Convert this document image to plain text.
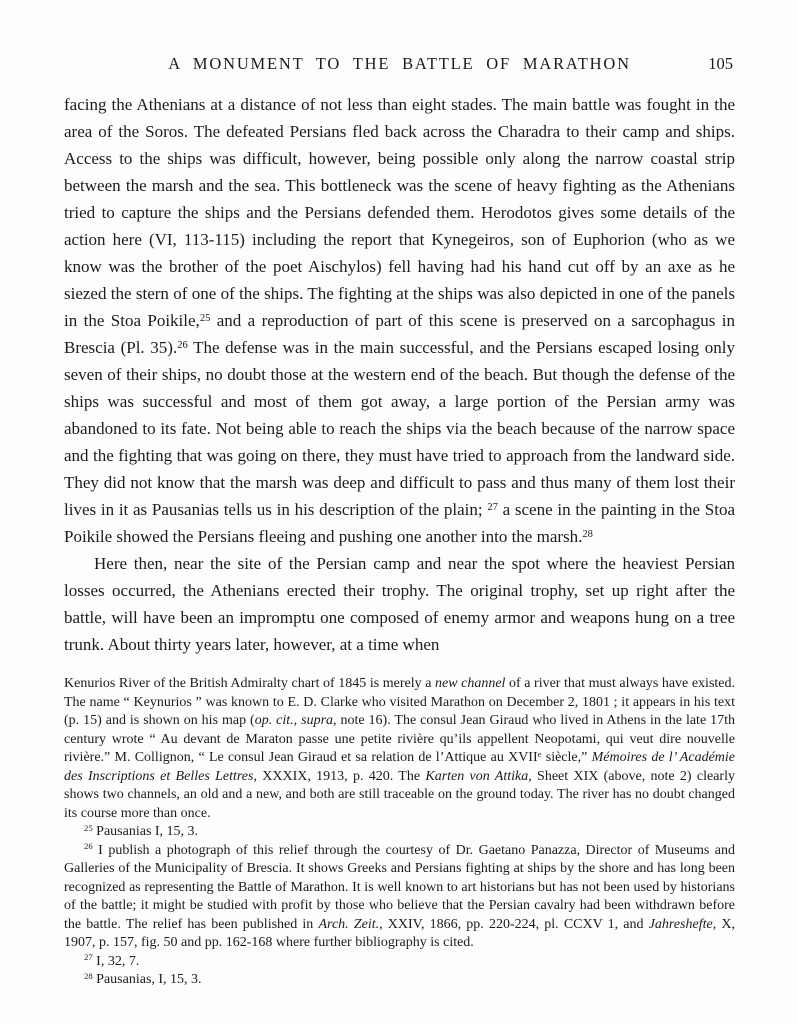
A MONUMENT TO THE BATTLE OF MARATHON	105

facing the Athenians at a distance of not less than eight stades. The main battle was fought in the area of the Soros. The defeated Persians fled back across the Charadra to their camp and ships. Access to the ships was difficult, however, being possible only along the narrow coastal strip between the marsh and the sea. This bottleneck was the scene of heavy fighting as the Athenians tried to capture the ships and the Persians defended them. Herodotos gives some details of the action here (VI, 113-115) including the report that Kynegeiros, son of Euphorion (who as we know was the brother of the poet Aischylos) fell having had his hand cut off by an axe as he siezed the stern of one of the ships. The fighting at the ships was also depicted in one of the panels in the Stoa Poikile,$^{25}$ and a reproduction of part of this scene is preserved on a sarcophagus in Brescia (Pl. 35).$^{26}$ The defense was in the main successful, and the Persians escaped losing only seven of their ships, no doubt those at the western end of the beach. But though the defense of the ships was successful and most of them got away, a large portion of the Persian army was abandoned to its fate. Not being able to reach the ships via the beach because of the narrow space and the fighting that was going on there, they must have tried to approach from the landward side. They did not know that the marsh was deep and difficult to pass and thus many of them lost their lives in it as Pausanias tells us in his description of the plain; $^{27}$ a scene in the painting in the Stoa Poikile showed the Persians fleeing and pushing one another into the marsh.$^{28}$

Here then, near the site of the Persian camp and near the spot where the heaviest Persian losses occurred, the Athenians erected their trophy. The original trophy, set up right after the battle, will have been an impromptu one composed of enemy armor and weapons hung on a tree trunk. About thirty years later, however, at a time when

Kenurios River of the British Admiralty chart of 1845 is merely a new channel of a river that must always have existed. The name “ Keynurios ” was known to E. D. Clarke who visited Marathon on December 2, 1801 ; it appears in his text (p. 15) and is shown on his map (op. cit., supra, note 16). The consul Jean Giraud who lived in Athens in the late 17th century wrote “ Au devant de Maraton passe une petite rivière qu’ils appellent Neopotami, qui veut dire nouvelle rivière.” M. Collignon, “ Le consul Jean Giraud et sa relation de l’Attique au XVIIe siècle,” Mémoires de l’ Académie des Inscriptions et Belles Lettres, XXXIX, 1913, p. 420. The Karten von Attika, Sheet XIX (above, note 2) clearly shows two channels, an old and a new, and both are still traceable on the ground today. The river has no doubt changed its course more than once.

$^{25}$ Pausanias I, 15, 3.

$^{26}$ I publish a photograph of this relief through the courtesy of Dr. Gaetano Panazza, Director of Museums and Galleries of the Municipality of Brescia. It shows Greeks and Persians fighting at ships by the shore and has long been recognized as representing the Battle of Marathon. It is well known to art historians but has not been used by historians of the battle; it might be studied with profit by those who believe that the Persian cavalry had been withdrawn before the battle. The relief has been published in Arch. Zeit., XXIV, 1866, pp. 220-224, pl. CCXV 1, and Jahreshefte, X, 1907, p. 157, fig. 50 and pp. 162-168 where further bibliography is cited.

$^{27}$ I, 32, 7.

$^{28}$ Pausanias, I, 15, 3.
